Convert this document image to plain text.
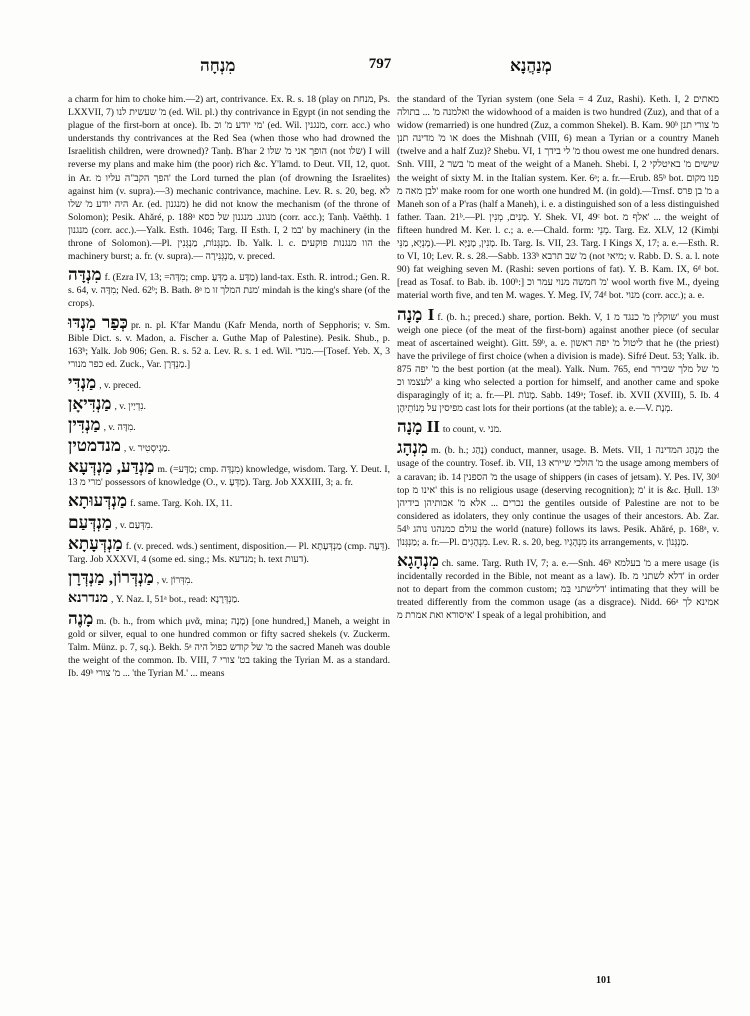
מִנְחָה	797	מְנַהֲנָא

a charm for him to choke him.—2) art, contrivance. Ex. R. s. 18 (play on מנחת, Ps. LXXVII, 7) מ' שעשית לנו (ed. Wil. pl.) thy contrivance in Egypt (in not sending the plague of the first-born at once). Ib. מי יודע מ' וכ' (ed. Wil. מנגנין, corr. acc.) who understands thy contrivances at the Red Sea (when those who had drowned the Israelitish children, were drowned)? Tanḥ. B'har 2 הופך אני מ' שלו (not שלו) I will reverse my plans and make him (the poor) rich &c. Y'lamd. to Deut. VII, 12, quot. in Ar. הפך הקב"ה עליו מ' the Lord turned the plan (of drowning the Israelites) against him (v. supra).—3) mechanic contrivance, machine. Lev. R. s. 20, beg. לא היה יודע מ' שלו Ar. (ed. מנגנון) he did not know the mechanism (of the throne of Solomon); Pesik. Ahăré, p. 188ᵃ מנוגנ. מנגנון של כסא (corr. acc.); Tanḥ. Vaëthḥ. 1 מנגנון (corr. acc.).—Yalk. Esth. 1046; Targ. II Esth. I, 2 במ' by machinery (in the throne of Solomon).—Pl. מַנְגְּנוֹת, מַנְגְּנִין. Ib. Yalk. l. c. הוו מנגנות פוקעים the machinery burst; a. fr. (v. supra).— מַנְגְּנִירָה, v. preced.

מִנְדָּה f. (Ezra IV, 13; =מִדָּה; cmp. מַדְּעָ a. מַדָּע) land-tax. Esth. R. introd.; Gen. R. s. 64, v. מִדָּה; Ned. 62ᵇ; B. Bath. 8ᵃ מנת המלך זו מ' mindah is the king's share (of the crops).

כְּפַר מַנְדּוּ pr. n. pl. K'far Mandu (Kafr Menda, north of Sepphoris; v. Sm. Bible Dict. s. v. Madon, a. Fischer a. Guthe Map of Palestine). Pesik. Shub., p. 163ᵇ; Yalk. Job 906; Gen. R. s. 52 a. Lev. R. s. 1 ed. Wil. מנדי.—[Tosef. Yeb. X, 3 כפר מנורי ed. Zuck., Var. מַנְדְּרָן.]

מַנְדִּי , v. preced.

מַנְדִּיאָן , v. נִדְיַין.

מַנְדִּין , v. מִדָּה.

מנדמטין , v. מַגְיסְטִיר.

מַנְדַּע, מַנְדְּעָא m. (=מַדָּע; cmp. מִנְדָּה) knowledge, wisdom. Targ. Y. Deut. I, 13 מרי מ' possessors of knowledge (O., v. מַדְּעָ). Targ. Job XXXIII, 3; a. fr.

מַנְדְּעוּתָא f. same. Targ. Koh. IX, 11.

מַנְדְּעַם , v. מִדְּעַם.

מַנְדְּעָתָא f. (v. preced. wds.) sentiment, disposition.— Pl. מַנְדְּעָתָא (cmp. דֵּעָה). Targ. Job XXXVI, 4 (some ed. sing.; Ms. מנדעא; h. text דעות).

מַנְדְּרוֹן, מַנְדְּרָן , v. מִדְּרוֹן.

מנדרנא , Y. Naz. I, 51ᵃ bot., read: מַנְדְּרָנָא.

מָנֶה m. (b. h., from which μνᾶ, mina; מָנָה) [one hundred,] Maneh, a weight in gold or silver, equal to one hundred common or fifty sacred shekels (v. Zuckerm. Talm. Münz. p. 7, sq.). Bekh. 5ᵃ מ' של קודש כפול היה the sacred Maneh was double the weight of the common. Ib. VIII, 7 בט' צורי taking the Tyrian M. as a standard. Ib. 49ᵇ מ' צורי ... 'the Tyrian M.' ... means

the standard of the Tyrian system (one Sela = 4 Zuz, Rashi). Keth. I, 2 מאתים ואלמנה מ' ... בתולה the widowhood of a maiden is two hundred (Zuz), and that of a widow (remarried) is one hundred (Zuz, a common Shekel). B. Kam. 90ᵇ מ' צורי תנן או מ' מדינה תנן does the Mishnah (VIII, 6) mean a Tyrian or a country Maneh (twelve and a half Zuz)? Shebu. VI, 1 מ' לי בידך thou owest me one hundred denars. Snh. VIII, 2 מ' בשר meat of the weight of a Maneh. Shebi. I, 2 שישים מ' באיטלקי the weight of sixty M. in the Italian system. Ker. 6ᵃ; a. fr.—Erub. 85ᵇ bot. פנו מקום לבן מאה מ' make room for one worth one hundred M. (in gold).—Trnsf. מ' בן פרס a Maneh son of a P'ras (half a Maneh), i. e. a distinguished son of a less distinguished father. Taan. 21ᵇ.—Pl. מָנִים, מְנִין. Y. Shek. VI, 49ᶜ bot. אלף מ' ... the weight of fifteen hundred M. Ker. l. c.; a. e.—Chald. form: מְנֵי. Targ. Ez. XLV, 12 (Kimḥi מָנְיָא, מַנֵּי).—Pl. מָנִין, מָנַיָּא. Ib. Targ. Is. VII, 23. Targ. I Kings X, 17; a. e.—Esth. R. to VI, 10; Lev. R. s. 28.—Sabb. 133ᵇ מ' שב תרבא (not מיאי; v. Rabb. D. S. a. l. note 90) fat weighing seven M. (Rashi: seven portions of fat). Y. B. Kam. IX, 6ᵈ bot. [read as Tosaf. to Bab. ib. 100ᵇ:] מ' חמשה מנוי עמר וכ' wool worth five M., dyeing material worth five, and ten M. wages. Y. Meg. IV, 74ᵈ bot. מנוי (corr. acc.); a. e.

מָנָה I f. (b. h.; preced.) share, portion. Bekh. V, 1 שוקלין מ' כנגד מ' you must weigh one piece (of the meat of the first-born) against another piece (of secular meat of ascertained weight). Gitt. 59ᵇ, a. e. ליטול מ' יפה ראשון that he (the priest) have the privilege of first choice (when a division is made). Sifré Deut. 53; Yalk. ib. 875 מ' יפה the best portion (at the meal). Yalk. Num. 765, end מ' של מלך שבירר לעצמו וכ' a king who selected a portion for himself, and another came and spoke disparagingly of it; a. fr.—Pl. מָנוֹת. Sabb. 149ᵃ; Tosef. ib. XVII (XVIII), 5. Ib. 4 מפיסין על מְנוֹתֵיהֶן cast lots for their portions (at the table); a. e.—V. מְנָת.

מָנָה II to count, v. מני.

מִנְהָג m. (b. h.; נָהַג) conduct, manner, usage. B. Mets. VII, 1 מִנְהַג המדינה the usage of the country. Tosef. ib. VII, 13 מ' הולכי שיירא the usage among members of a caravan; ib. 14 מ' הספנין the usage of shippers (in cases of jetsam). Y. Pes. IV, 30ᵈ top אינו מ' this is no religious usage (deserving recognition); מ' it is &c. Ḥull. 13ᵇ נכרים ... אלא מ' אבותיהן בידיהן the gentiles outside of Palestine are not to be considered as idolaters, they only continue the usages of their ancestors. Ab. Zar. 54ᵇ עולם כמנהגו נוהג the world (nature) follows its laws. Pesik. Ahăré, p. 168ᵃ, v. מַנְגְּנוֹן; a. fr.—Pl. מִנְהָגִים. Lev. R. s. 20, beg. מִנְהָגָיו its arrangements, v. מַנְגְּנוֹן.

מִנְהָגָא ch. same. Targ. Ruth IV, 7; a. e.—Snh. 46ᵇ מ' בעלמא a mere usage (is incidentally recorded in the Bible, not meant as a law). Ib. דלא לשתני מ' in order not to depart from the common custom; דלישתני בִּמ' intimating that they will be treated differently from the common usage (as a disgrace). Nidd. 66ᵃ אמינא לך איסורא ואת אמרת מ' I speak of a legal prohibition, and

101
